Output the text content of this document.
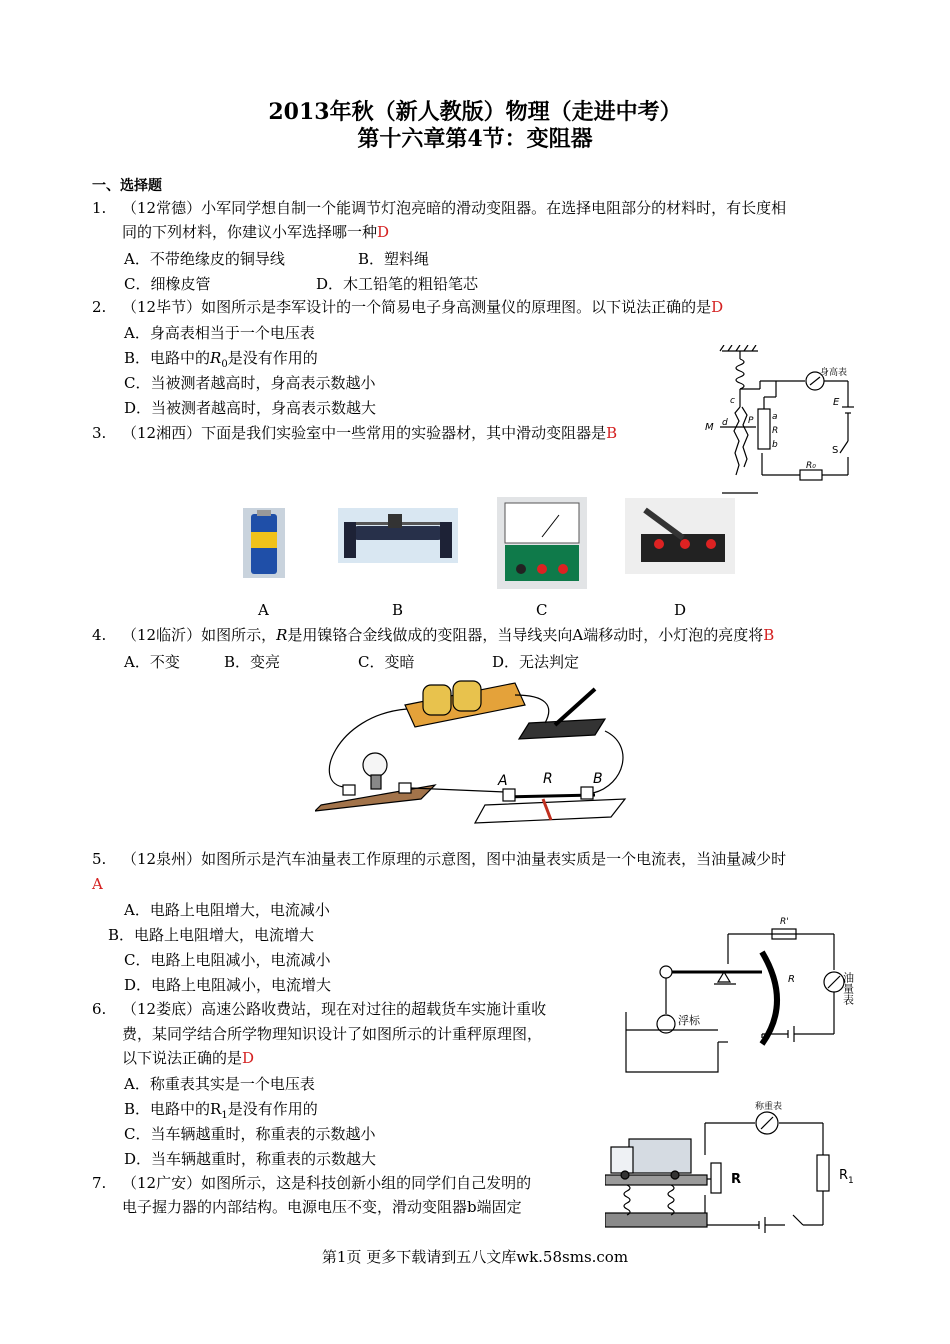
2013年秋（新人教版）物理（走进中考）
第十六章第4节：变阻器
一、选择题
1. （12常德）小军同学想自制一个能调节灯泡亮暗的滑动变阻器。在选择电阻部分的材料时，有长度相
同的下列材料，你建议小军选择哪一种D
A．不带绝缘皮的铜导线	B．塑料绳
C．细橡皮管	D．木工铅笔的粗铅笔芯
2. （12毕节）如图所示是李军设计的一个简易电子身高测量仪的原理图。以下说法正确的是D
A．身高表相当于一个电压表
B．电路中的$R_0$是没有作用的
C．当被测者越高时，身高表示数越小
D．当被测者越高时，身高表示数越大
身高表
E
S
R₀
M d
c
P a
R
b
3. （12湘西）下面是我们实验室中一些常用的实验器材，其中滑动变阻器是B
A	B	C	D
4. （12临沂）如图所示，R是用镍铬合金线做成的变阻器，当导线夹向A端移动时，小灯泡的亮度将B
A．不变	B．变亮	C．变暗	D．无法判定
A	R	B
5. （12泉州）如图所示是汽车油量表工作原理的示意图，图中油量表实质是一个电流表，当油量减少时
A
A．电路上电阻增大，电流减小
B．电路上电阻增大，电流增大
C．电路上电阻减小，电流减小
D．电路上电阻减小，电流增大
R'
R	油量表
浮标
6. （12娄底）高速公路收费站，现在对过往的超载货车实施计重收
费，某同学结合所学物理知识设计了如图所示的计重秤原理图，
以下说法正确的是D
A．称重表其实是一个电压表
B．电路中的$R_1$是没有作用的
C．当车辆越重时，称重表的示数越小
D．当车辆越重时，称重表的示数越大
称重表
R	$R_1$
7. （12广安）如图所示，这是科技创新小组的同学们自己发明的
电子握力器的内部结构。电源电压不变，滑动变阻器b端固定
第1页 更多下载请到五八文库wk.58sms.com
